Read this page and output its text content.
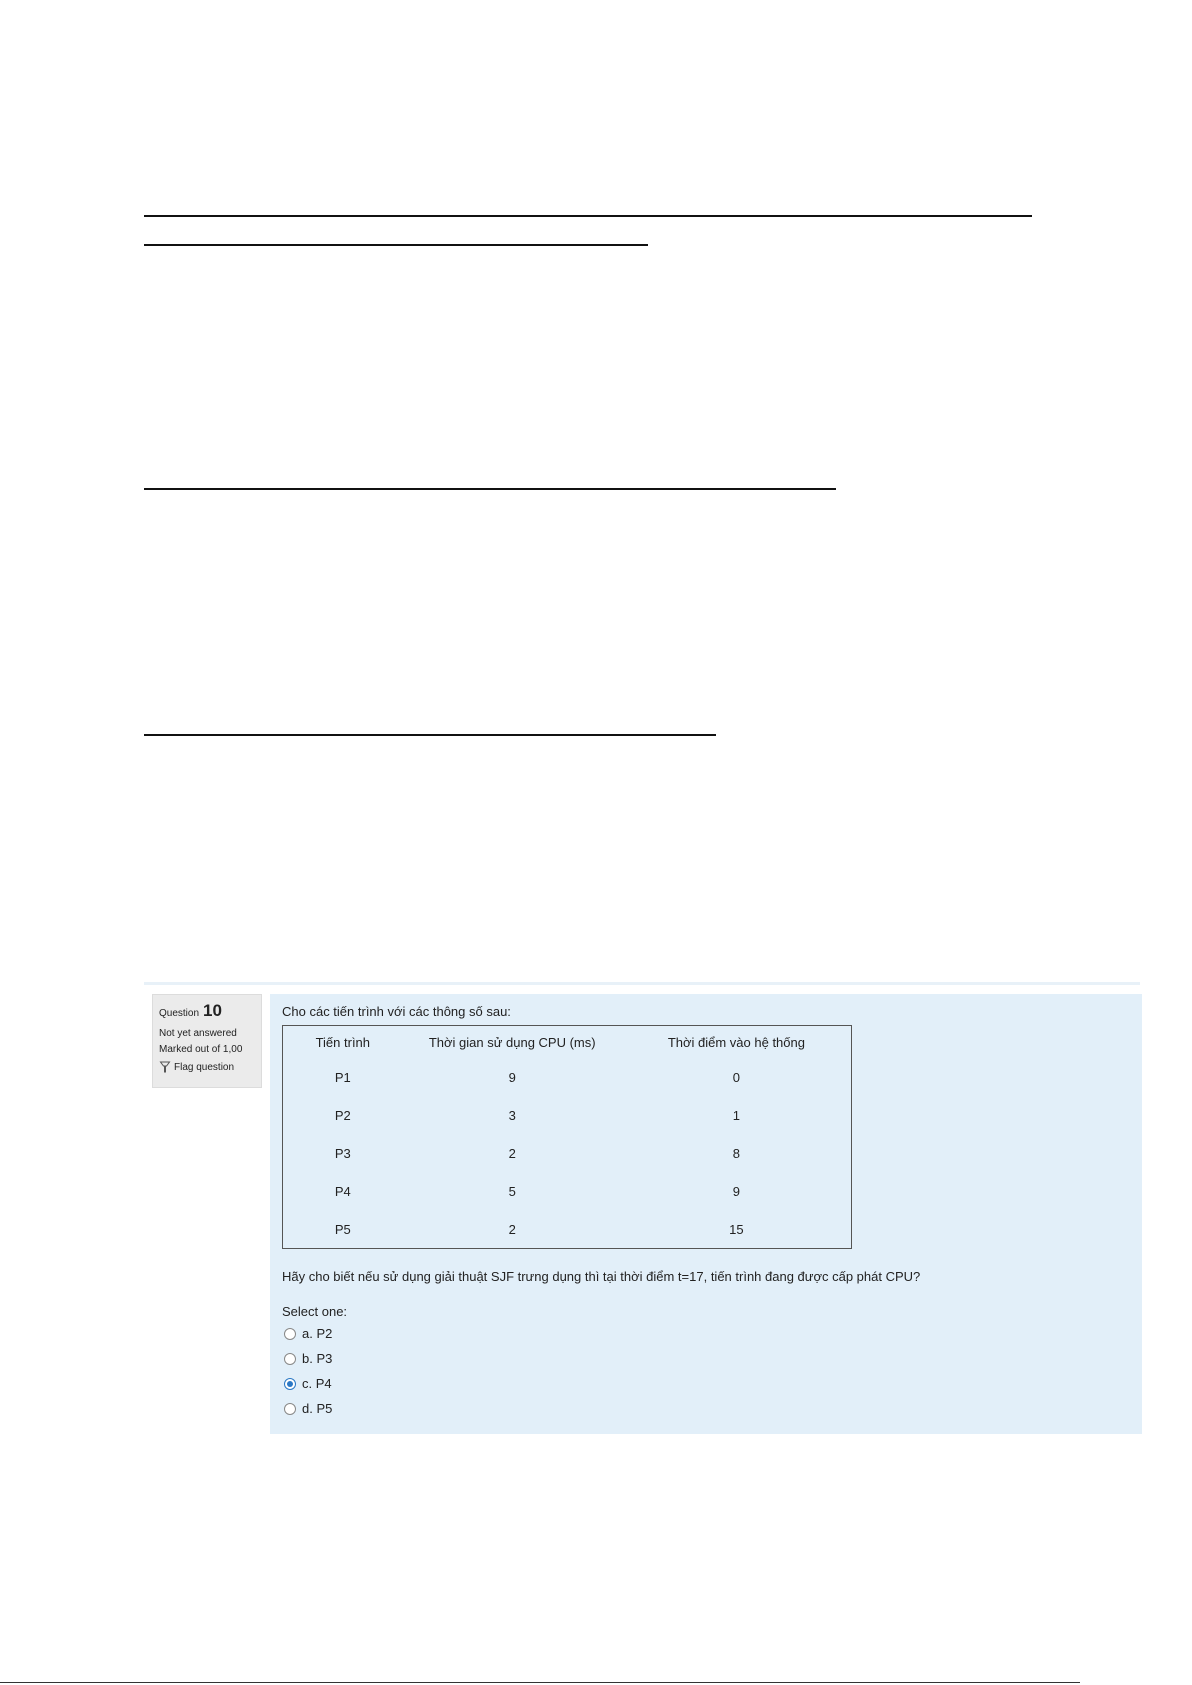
Question 10
Not yet answered
Marked out of 1,00
Flag question
Cho các tiến trình với các thông số sau:
Tiến trình	Thời gian sử dụng CPU (ms)	Thời điểm vào hệ thống
P1	9	0
P2	3	1
P3	2	8
P4	5	9
P5	2	15
Hãy cho biết nếu sử dụng giải thuật SJF trưng dụng thì tại thời điểm t=17, tiến trình đang được cấp phát CPU?
Select one:
a. P2
b. P3
c. P4
d. P5
